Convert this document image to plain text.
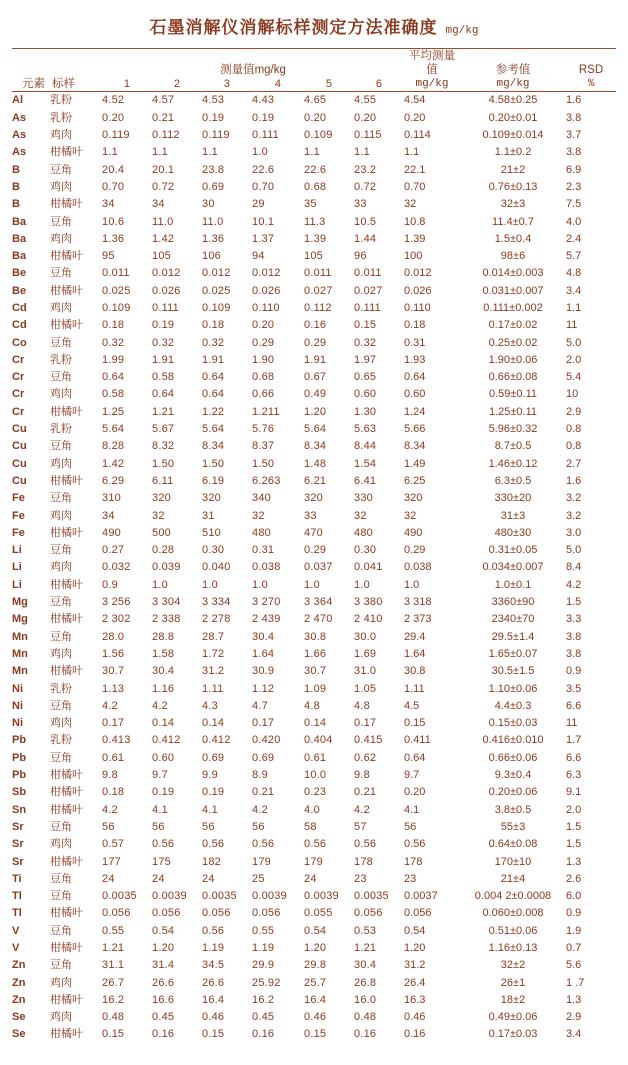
石墨消解仪消解标样测定方法准确度 mg/kg
元素	标样	测量值mg/kg						平均测量值	参考值	RSD
		1	2	3	4	5	6	mg/kg	mg/kg	%
Al	乳粉	4.52	4.57	4.53	4.43	4.65	4.55	4.54	4.58±0.25	1.6
As	乳粉	0.20	0.21	0.19	0.19	0.20	0.20	0.20	0.20±0.01	3.8
As	鸡肉	0.119	0.112	0.119	0.111	0.109	0.115	0.114	0.109±0.014	3.7
As	柑橘叶	1.1	1.1	1.1	1.0	1.1	1.1	1.1	1.1±0.2	3.8
B	豆角	20.4	20.1	23.8	22.6	22.6	23.2	22.1	21±2	6.9
B	鸡肉	0.70	0.72	0.69	0.70	0.68	0.72	0.70	0.76±0.13	2.3
B	柑橘叶	34	34	30	29	35	33	32	32±3	7.5
Ba	豆角	10.6	11.0	11.0	10.1	11.3	10.5	10.8	11.4±0.7	4.0
Ba	鸡肉	1.36	1.42	1.36	1.37	1.39	1.44	1.39	1.5±0.4	2.4
Ba	柑橘叶	95	105	106	94	105	96	100	98±6	5.7
Be	豆角	0.011	0.012	0.012	0.012	0.011	0.011	0.012	0.014±0.003	4.8
Be	柑橘叶	0.025	0.026	0.025	0.026	0.027	0.027	0.026	0.031±0.007	3.4
Cd	鸡肉	0.109	0.111	0.109	0.110	0.112	0.111	0.110	0.111±0.002	1.1
Cd	柑橘叶	0.18	0.19	0.18	0.20	0.16	0.15	0.18	0.17±0.02	11
Co	豆角	0.32	0.32	0.32	0.29	0.29	0.32	0.31	0.25±0.02	5.0
Cr	乳粉	1.99	1.91	1.91	1.90	1.91	1.97	1.93	1.90±0.06	2.0
Cr	豆角	0.64	0.58	0.64	0.68	0.67	0.65	0.64	0.66±0.08	5.4
Cr	鸡肉	0.58	0.64	0.64	0.66	0.49	0.60	0.60	0.59±0.11	10
Cr	柑橘叶	1.25	1.21	1.22	1.211	1.20	1.30	1.24	1.25±0.11	2.9
Cu	乳粉	5.64	5.67	5.64	5.76	5.64	5.63	5.66	5.96±0.32	0.8
Cu	豆角	8.28	8.32	8.34	8.37	8.34	8.44	8.34	8.7±0.5	0.8
Cu	鸡肉	1.42	1.50	1.50	1.50	1.48	1.54	1.49	1.46±0.12	2.7
Cu	柑橘叶	6.29	6.11	6.19	6.263	6.21	6.41	6.25	6.3±0.5	1.6
Fe	豆角	310	320	320	340	320	330	320	330±20	3.2
Fe	鸡肉	34	32	31	32	33	32	32	31±3	3.2
Fe	柑橘叶	490	500	510	480	470	480	490	480±30	3.0
Li	豆角	0.27	0.28	0.30	0.31	0.29	0.30	0.29	0.31±0.05	5.0
Li	鸡肉	0.032	0.039	0.040	0.038	0.037	0.041	0.038	0.034±0.007	8.4
Li	柑橘叶	0.9	1.0	1.0	1.0	1.0	1.0	1.0	1.0±0.1	4.2
Mg	豆角	3 256	3 304	3 334	3 270	3 364	3 380	3 318	3360±90	1.5
Mg	柑橘叶	2 302	2 338	2 278	2 439	2 470	2 410	2 373	2340±70	3.3
Mn	豆角	28.0	28.8	28.7	30.4	30.8	30.0	29.4	29.5±1.4	3.8
Mn	鸡肉	1.56	1.58	1.72	1.64	1.66	1.69	1.64	1.65±0.07	3.8
Mn	柑橘叶	30.7	30.4	31.2	30.9	30.7	31.0	30.8	30.5±1.5	0.9
Ni	乳粉	1.13	1.16	1.11	1.12	1.09	1.05	1.11	1.10±0.06	3.5
Ni	豆角	4.2	4.2	4.3	4.7	4.8	4.8	4.5	4.4±0.3	6.6
Ni	鸡肉	0.17	0.14	0.14	0.17	0.14	0.17	0.15	0.15±0.03	11
Pb	乳粉	0.413	0.412	0.412	0.420	0.404	0.415	0.411	0.416±0.010	1.7
Pb	豆角	0.61	0.60	0.69	0.69	0.61	0.62	0.64	0.66±0.06	6.6
Pb	柑橘叶	9.8	9.7	9.9	8.9	10.0	9.8	9.7	9.3±0.4	6.3
Sb	柑橘叶	0.18	0.19	0.19	0.21	0.23	0.21	0.20	0.20±0.06	9.1
Sn	柑橘叶	4.2	4.1	4.1	4.2	4.0	4.2	4.1	3.8±0.5	2.0
Sr	豆角	56	56	56	56	58	57	56	55±3	1.5
Sr	鸡肉	0.57	0.56	0.56	0.56	0.56	0.56	0.56	0.64±0.08	1.5
Sr	柑橘叶	177	175	182	179	179	178	178	170±10	1.3
Ti	豆角	24	24	24	25	24	23	23	21±4	2.6
Tl	豆角	0.0035	0.0039	0.0035	0.0039	0.0039	0.0035	0.0037	0.004 2±0.0008	6.0
Tl	柑橘叶	0.056	0.056	0.056	0.056	0.055	0.056	0.056	0.060±0.008	0.9
V	豆角	0.55	0.54	0.56	0.55	0.54	0.53	0.54	0.51±0.06	1.9
V	柑橘叶	1.21	1.20	1.19	1.19	1.20	1.21	1.20	1.16±0.13	0.7
Zn	豆角	31.1	31.4	34.5	29.9	29.8	30.4	31.2	32±2	5.6
Zn	鸡肉	26.7	26.6	26.6	25.92	25.7	26.8	26.4	26±1	1 .7
Zn	柑橘叶	16.2	16.6	16.4	16.2	16.4	16.0	16.3	18±2	1.3
Se	鸡肉	0.48	0.45	0.46	0.45	0.46	0.48	0.46	0.49±0.06	2.9
Se	柑橘叶	0.15	0.16	0.15	0.16	0.15	0.16	0.16	0.17±0.03	3.4
